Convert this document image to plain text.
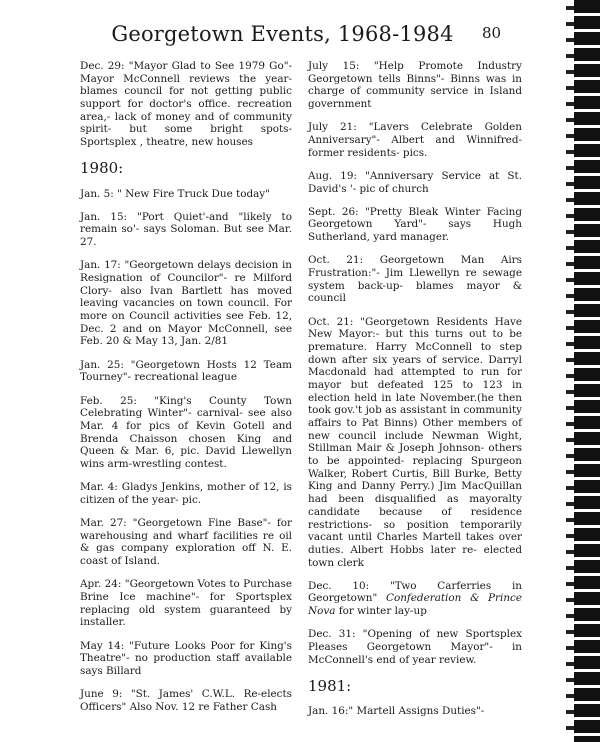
Georgetown Events, 1968-1984	80

Dec. 29: "Mayor Glad to See 1979 Go"- Mayor McConnell reviews the year- blames council for not getting public support for doctor's office. recreation area,- lack of money and of community spirit- but some bright spots- Sportsplex , theatre, new houses

1980:

Jan. 5: " New Fire Truck Due today"

Jan. 15: "Port Quiet'-and "likely to remain so'- says Soloman. But see Mar. 27.

Jan. 17: "Georgetown delays decision in Resignation of Councilor"- re Milford Clory- also Ivan Bartlett has moved leaving vacancies on town council. For more on Council activities see Feb. 12, Dec. 2 and on Mayor McConnell, see Feb. 20 & May 13, Jan. 2/81

Jan. 25: "Georgetown Hosts 12 Team Tourney"- recreational league

Feb. 25: "King's County Town Celebrating Winter"- carnival- see also Mar. 4 for pics of Kevin Gotell and Brenda Chaisson chosen King and Queen & Mar. 6, pic. David Llewellyn wins arm-wrestling contest.

Mar. 4: Gladys Jenkins, mother of 12, is citizen of the year- pic.

Mar. 27: "Georgetown Fine Base"- for warehousing and wharf facilities re oil & gas company exploration off N. E. coast of Island.

Apr. 24: "Georgetown Votes to Purchase Brine Ice machine"- for Sportsplex replacing old system guaranteed by installer.

May 14: "Future Looks Poor for King's Theatre"- no production staff available says Billard

June 9: "St. James' C.W.L. Re-elects Officers" Also Nov. 12 re Father Cash

July 15: "Help Promote Industry Georgetown tells Binns"- Binns was in charge of community service in Island government

July 21: "Lavers Celebrate Golden Anniversary"- Albert and Winnifred- former residents- pics.

Aug. 19: "Anniversary Service at St. David's '- pic of church

Sept. 26: "Pretty Bleak Winter Facing Georgetown Yard"- says Hugh Sutherland, yard manager.

Oct. 21: Georgetown Man Airs Frustration:"- Jim Llewellyn re sewage system back-up- blames mayor & council

Oct. 21: "Georgetown Residents Have New Mayor:- but this turns out to be premature. Harry McConnell to step down after six years of service. Darryl Macdonald had attempted to run for mayor but defeated 125 to 123 in election held in late November.(he then took gov.'t job as assistant in community affairs to Pat Binns) Other members of new council include Newman Wight, Stillman Mair & Joseph Johnson- others to be appointed- replacing Spurgeon Walker, Robert Curtis, Bill Burke, Betty King and Danny Perry.) Jim MacQuillan had been disqualified as mayoralty candidate because of residence restrictions- so position temporarily vacant until Charles Martell takes over duties. Albert Hobbs later re- elected town clerk

Dec. 10: "Two Carferries in Georgetown" Confederation & Prince Nova for winter lay-up

Dec. 31: "Opening of new Sportsplex Pleases Georgetown Mayor"- in McConnell's end of year review.

1981:

Jan. 16:" Martell Assigns Duties"-
